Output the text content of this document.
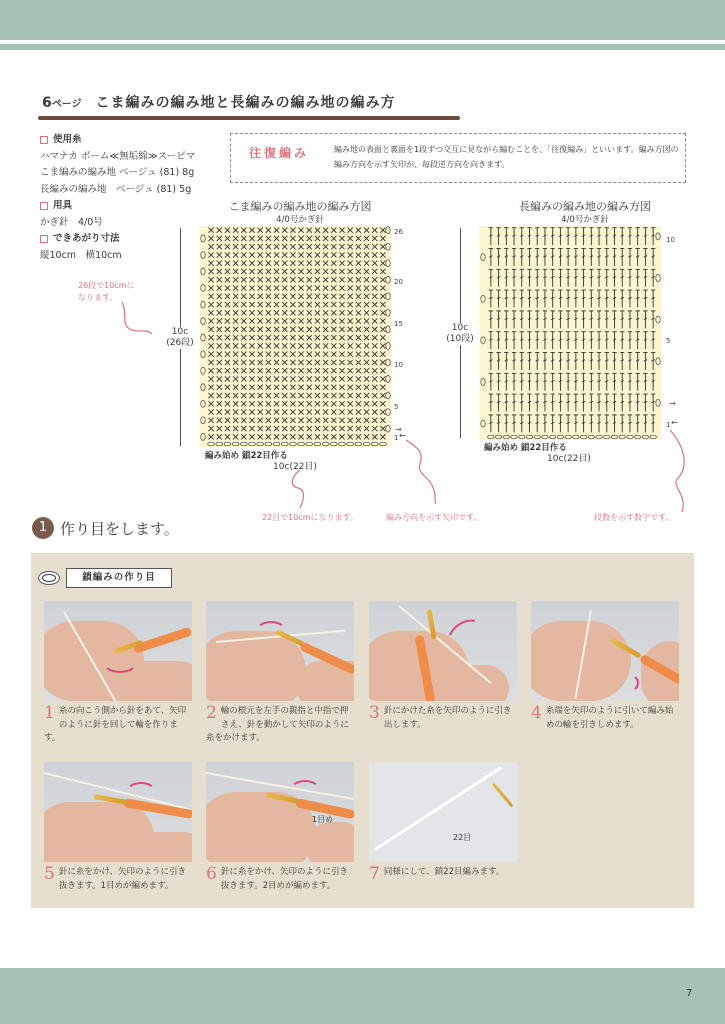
6ページ こま編みの編み地と長編みの編み地の編み方
使用糸
ハマナカ ボーム≪無垢綿≫スーピマ
こま編みの編み地 ベージュ (81) 8g
長編みの編み地　ベージュ (81) 5g
用具
かぎ針　4/0号
できあがり寸法
縦10cm　横10cm
往復編み	編み地の表面と裏面を1段ずつ交互に見ながら編むことを、「往復編み」といいます。編み方図の編み方向を示す矢印が、毎段逆方向を向きます。
こま編みの編み地の編み方図
4/0号かぎ針
10c
(26段)
26
20
15
10
5
→
1 ←
編み始め 鎖22目作る
10c(22目)
長編みの編み地の編み方図
4/0号かぎ針
10c
(10段)
10
5
→
1 ←
編み始め 鎖22目作る
10c(22目)
26段で10cmに
なります。
22目で10cmになります。	編み方向を示す矢印です。	段数を示す数字です。
1 作り目をします。
鎖編みの作り目
1目め
22目
1 糸の向こう側から針をあて、矢印のように針を回して輪を作ります。
2 輪の根元を左手の親指と中指で押さえ、針を動かして矢印のように糸をかけます。
3 針にかけた糸を矢印のように引き出します。
4 糸端を矢印のように引いて編み始めの輪を引きしめます。
5 針に糸をかけ、矢印のように引き抜きます。1目めが編めます。
6 針に糸をかけ、矢印のように引き抜きます。2目めが編めます。
7 同様にして、鎖22目編みます。
7
